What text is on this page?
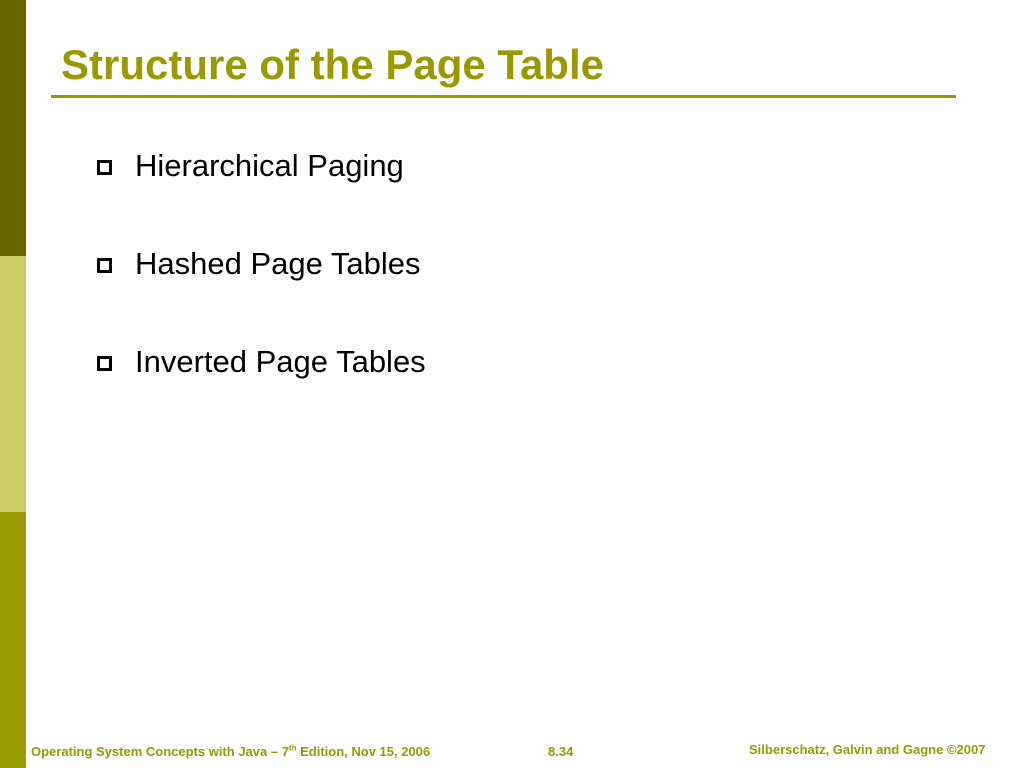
Structure of the Page Table
Hierarchical Paging
Hashed Page Tables
Inverted Page Tables
Operating System Concepts with Java – 7th Edition, Nov 15, 2006	8.34	Silberschatz, Galvin and Gagne ©2007
